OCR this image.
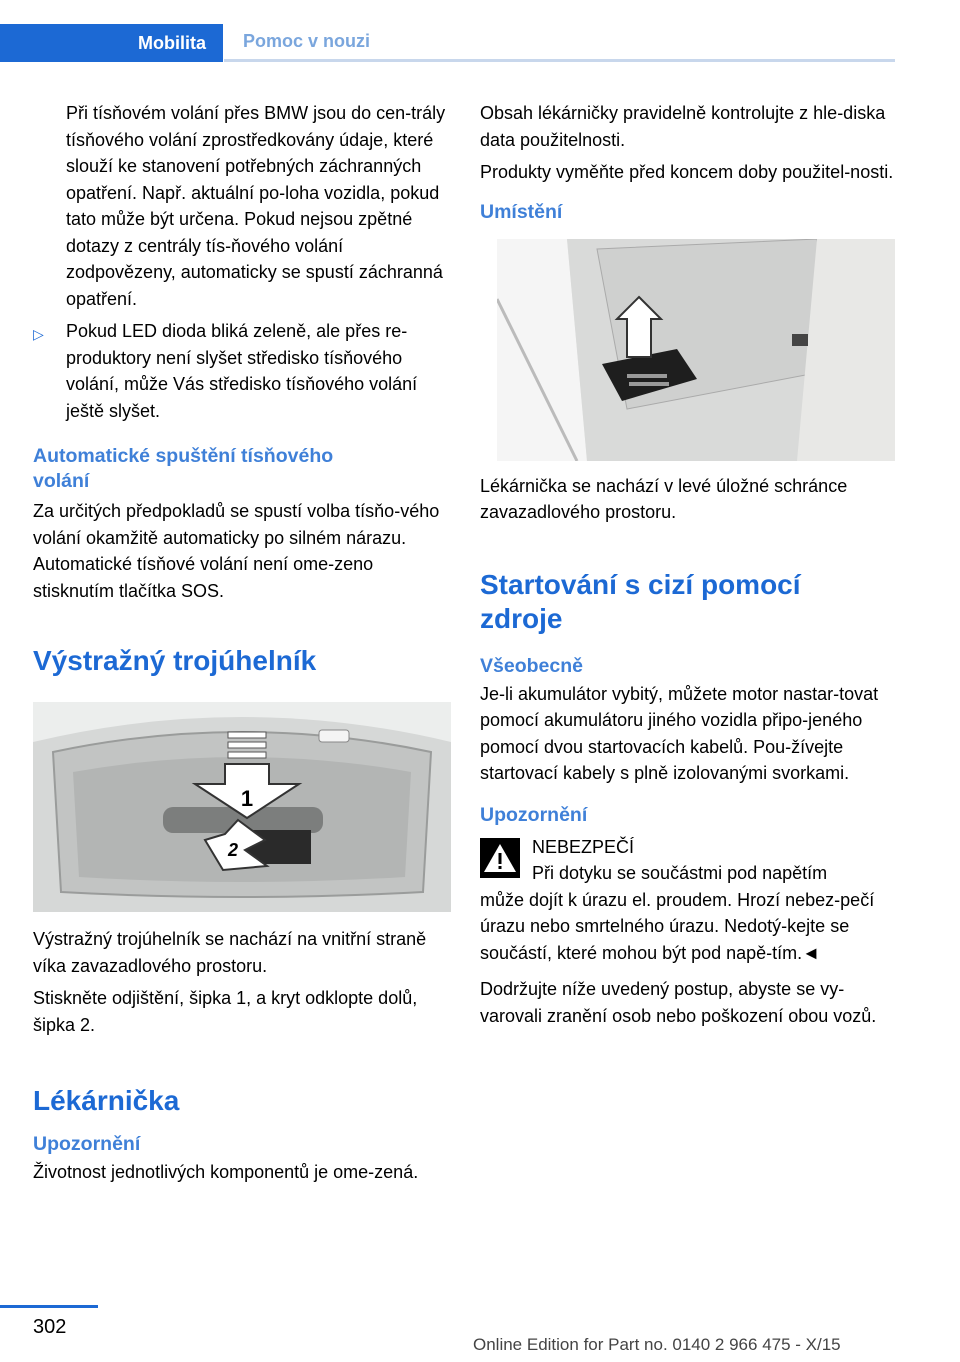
Mobilita	Pomoc v nouzi

Při tísňovém volání přes BMW jsou do cen-trály tísňového volání zprostředkovány údaje, které slouží ke stanovení potřebných záchranných opatření. Např. aktuální po-loha vozidla, pokud tato může být určena. Pokud nejsou zpětné dotazy z centrály tís-ňového volání zodpovězeny, automaticky se spustí záchranná opatření.

▷ Pokud LED dioda bliká zeleně, ale přes re-produktory není slyšet středisko tísňového volání, může Vás středisko tísňového volání ještě slyšet.

Automatické spuštění tísňového volání

Za určitých předpokladů se spustí volba tísňo-vého volání okamžitě automaticky po silném nárazu. Automatické tísňové volání není ome-zeno stisknutím tlačítka SOS.

Výstražný trojúhelník

1
2

Výstražný trojúhelník se nachází na vnitřní straně víka zavazadlového prostoru.

Stiskněte odjištění, šipka 1, a kryt odklopte dolů, šipka 2.

Lékárnička

Upozornění

Životnost jednotlivých komponentů je ome-zená.

Obsah lékárničky pravidelně kontrolujte z hle-diska data použitelnosti.

Produkty vyměňte před koncem doby použitel-nosti.

Umístění

Lékárnička se nachází v levé úložné schránce zavazadlového prostoru.

Startování s cizí pomocí zdroje

Všeobecně

Je-li akumulátor vybitý, můžete motor nastar-tovat pomocí akumulátoru jiného vozidla připo-jeného pomocí dvou startovacích kabelů. Pou-žívejte startovací kabely s plně izolovanými svorkami.

Upozornění

NEBEZPEČÍ

Při dotyku se součástmi pod napětím

může dojít k úrazu el. proudem. Hrozí nebez-pečí úrazu nebo smrtelného úrazu. Nedotý-kejte se součástí, které mohou být pod napě-tím.◄

Dodržujte níže uvedený postup, abyste se vy-varovali zranění osob nebo poškození obou vozů.

302
Online Edition for Part no. 0140 2 966 475 - X/15
